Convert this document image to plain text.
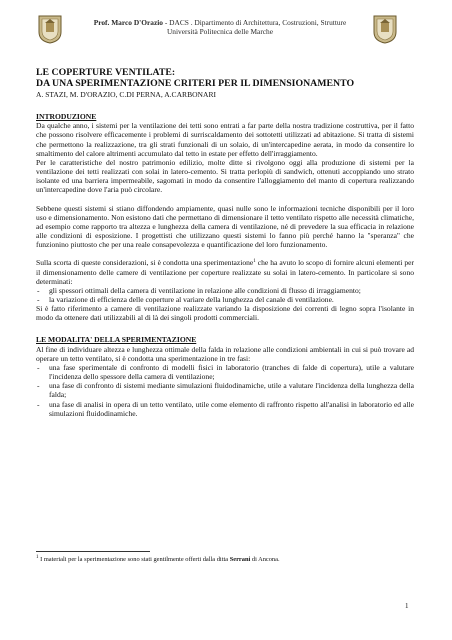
Prof. Marco D'Orazio - DACS . Dipartimento di Architettura, Costruzioni, Strutture
Università Politecnica delle Marche
LE COPERTURE VENTILATE:
DA UNA SPERIMENTAZIONE CRITERI PER IL DIMENSIONAMENTO
A. STAZI, M. D'ORAZIO, C.DI PERNA, A.CARBONARI
INTRODUZIONE

Da qualche anno, i sistemi per la ventilazione dei tetti sono entrati a far parte della nostra tradizione costruttiva, per il fatto che possono risolvere efficacemente i problemi di surriscaldamento dei sottotetti utilizzati ad abitazione. Si tratta di sistemi che permettono la realizzazione, tra gli strati funzionali di un solaio, di un'intercapedine aerata, in modo da consentire lo smaltimento del calore altrimenti accumulato dal tetto in estate per effetto dell'irraggiamento.

Per le caratteristiche del nostro patrimonio edilizio, molte ditte si rivolgono oggi alla produzione di sistemi per la ventilazione dei tetti realizzati con solai in latero-cemento. Si tratta perlopiù di sandwich, ottenuti accoppiando uno strato isolante ed una barriera impermeabile, sagomati in modo da consentire l'alloggiamento del manto di copertura realizzando un'intercapedine dove l'aria può circolare.

Sebbene questi sistemi si stiano diffondendo ampiamente, quasi nulle sono le informazioni tecniche disponibili per il loro uso e dimensionamento. Non esistono dati che permettano di dimensionare il tetto ventilato rispetto alle necessità climatiche, ad esempio come rapporto tra altezza e lunghezza della camera di ventilazione, né di prevedere la sua efficacia in relazione alle condizioni di esposizione. I progettisti che utilizzano questi sistemi lo fanno più perché hanno la "speranza" che funzionino piuttosto che per una reale consapevolezza e quantificazione del loro funzionamento.

Sulla scorta di queste considerazioni, si è condotta una sperimentazione$^1$ che ha avuto lo scopo di fornire alcuni elementi per il dimensionamento delle camere di ventilazione per coperture realizzate su solai in latero-cemento. In particolare si sono determinati:

- gli spessori ottimali della camera di ventilazione in relazione alle condizioni di flusso di irraggiamento;
- la variazione di efficienza delle coperture al variare della lunghezza del canale di ventilazione.

Si è fatto riferimento a camere di ventilazione realizzate variando la disposizione dei correnti di legno sopra l'isolante in modo da ottenere dati utilizzabili al di là dei singoli prodotti commerciali.

LE MODALITA' DELLA SPERIMENTAZIONE

Al fine di individuare altezza e lunghezza ottimale della falda in relazione alle condizioni ambientali in cui si può trovare ad operare un tetto ventilato, si è condotta una sperimentazione in tre fasi:

- una fase sperimentale di confronto di modelli fisici in laboratorio (tranches di falde di copertura), utile a valutare l'incidenza dello spessore della camera di ventilazione;
- una fase di confronto di sistemi mediante simulazioni fluidodinamiche, utile a valutare l'incidenza della lunghezza della falda;
- una fase di analisi in opera di un tetto ventilato, utile come elemento di raffronto rispetto all'analisi in laboratorio ed alle simulazioni fluidodinamiche.
$^1$ I materiali per la sperimentazione sono stati gentilmente offerti dalla ditta Serrani di Ancona.
1
